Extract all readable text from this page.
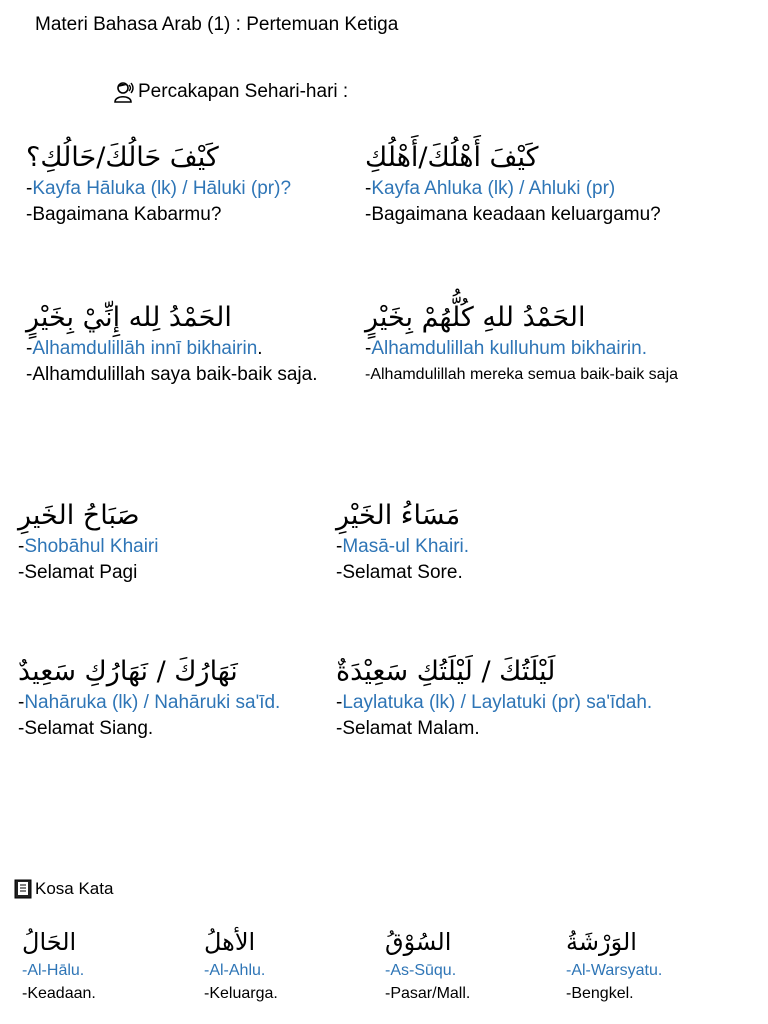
Materi Bahasa Arab (1) : Pertemuan Ketiga
Percakapan Sehari-hari :
كَيْفَ حَالُكَ/حَالُكِ؟
-Kayfa Hāluka (lk) / Hāluki (pr)?
-Bagaimana Kabarmu?
كَيْفَ أَهْلُكَ/أَهْلُكِ
-Kayfa Ahluka (lk) / Ahluki (pr)
-Bagaimana keadaan keluargamu?
الحَمْدُ لِله إِنِّيْ بِخَيْرٍ
-Alhamdulillāh innī bikhairin.
-Alhamdulillah saya baik-baik saja.
الحَمْدُ للهِ كُلُّهُمْ بِخَيْرٍ
-Alhamdulillah kulluhum bikhairin.
-Alhamdulillah mereka semua baik-baik saja
صَبَاحُ الخَيرِ
-Shobāhul Khairi
-Selamat Pagi
مَسَاءُ الخَيْرِ
-Masā-ul Khairi.
-Selamat Sore.
نَهَارُكَ / نَهَارُكِ سَعِيدٌ
-Nahāruka (lk) / Nahāruki sa'īd.
-Selamat Siang.
لَيْلَتُكَ / لَيْلَتُكِ سَعِيْدَةٌ
-Laylatuka (lk) / Laylatuki (pr) sa'īdah.
-Selamat Malam.
Kosa Kata
الحَالُ
-Al-Hālu.
-Keadaan.
الأهلُ
-Al-Ahlu.
-Keluarga.
السُوْقُ
-As-Sūqu.
-Pasar/Mall.
الوَرْشَةُ
-Al-Warsyatu.
-Bengkel.
